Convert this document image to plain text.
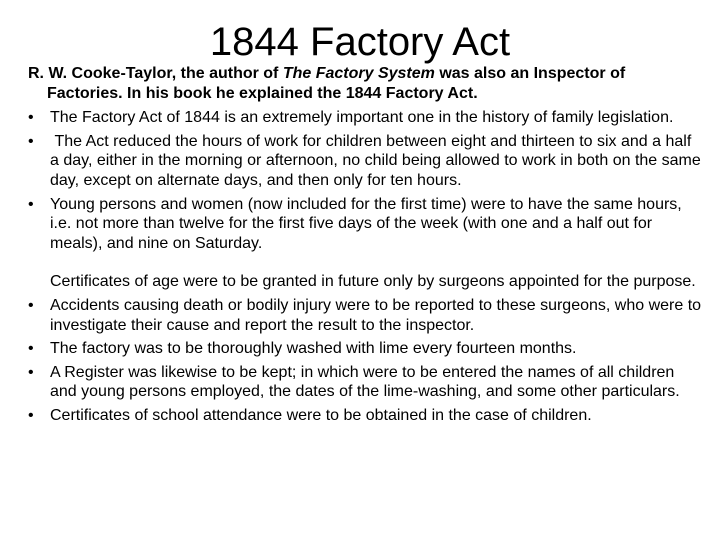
1844 Factory Act

R. W. Cooke-Taylor, the author of The Factory System was also an Inspector of Factories. In his book he explained the 1844 Factory Act.

• The Factory Act of 1844 is an extremely important one in the history of family legislation.
• The Act reduced the hours of work for children between eight and thirteen to six and a half a day, either in the morning or afternoon, no child being allowed to work in both on the same day, except on alternate days, and then only for ten hours.
• Young persons and women (now included for the first time) were to have the same hours, i.e. not more than twelve for the first five days of the week (with one and a half out for meals), and nine on Saturday.
Certificates of age were to be granted in future only by surgeons appointed for the purpose.
• Accidents causing death or bodily injury were to be reported to these surgeons, who were to investigate their cause and report the result to the inspector.
• The factory was to be thoroughly washed with lime every fourteen months.
• A Register was likewise to be kept; in which were to be entered the names of all children and young persons employed, the dates of the lime-washing, and some other particulars.
• Certificates of school attendance were to be obtained in the case of children.
